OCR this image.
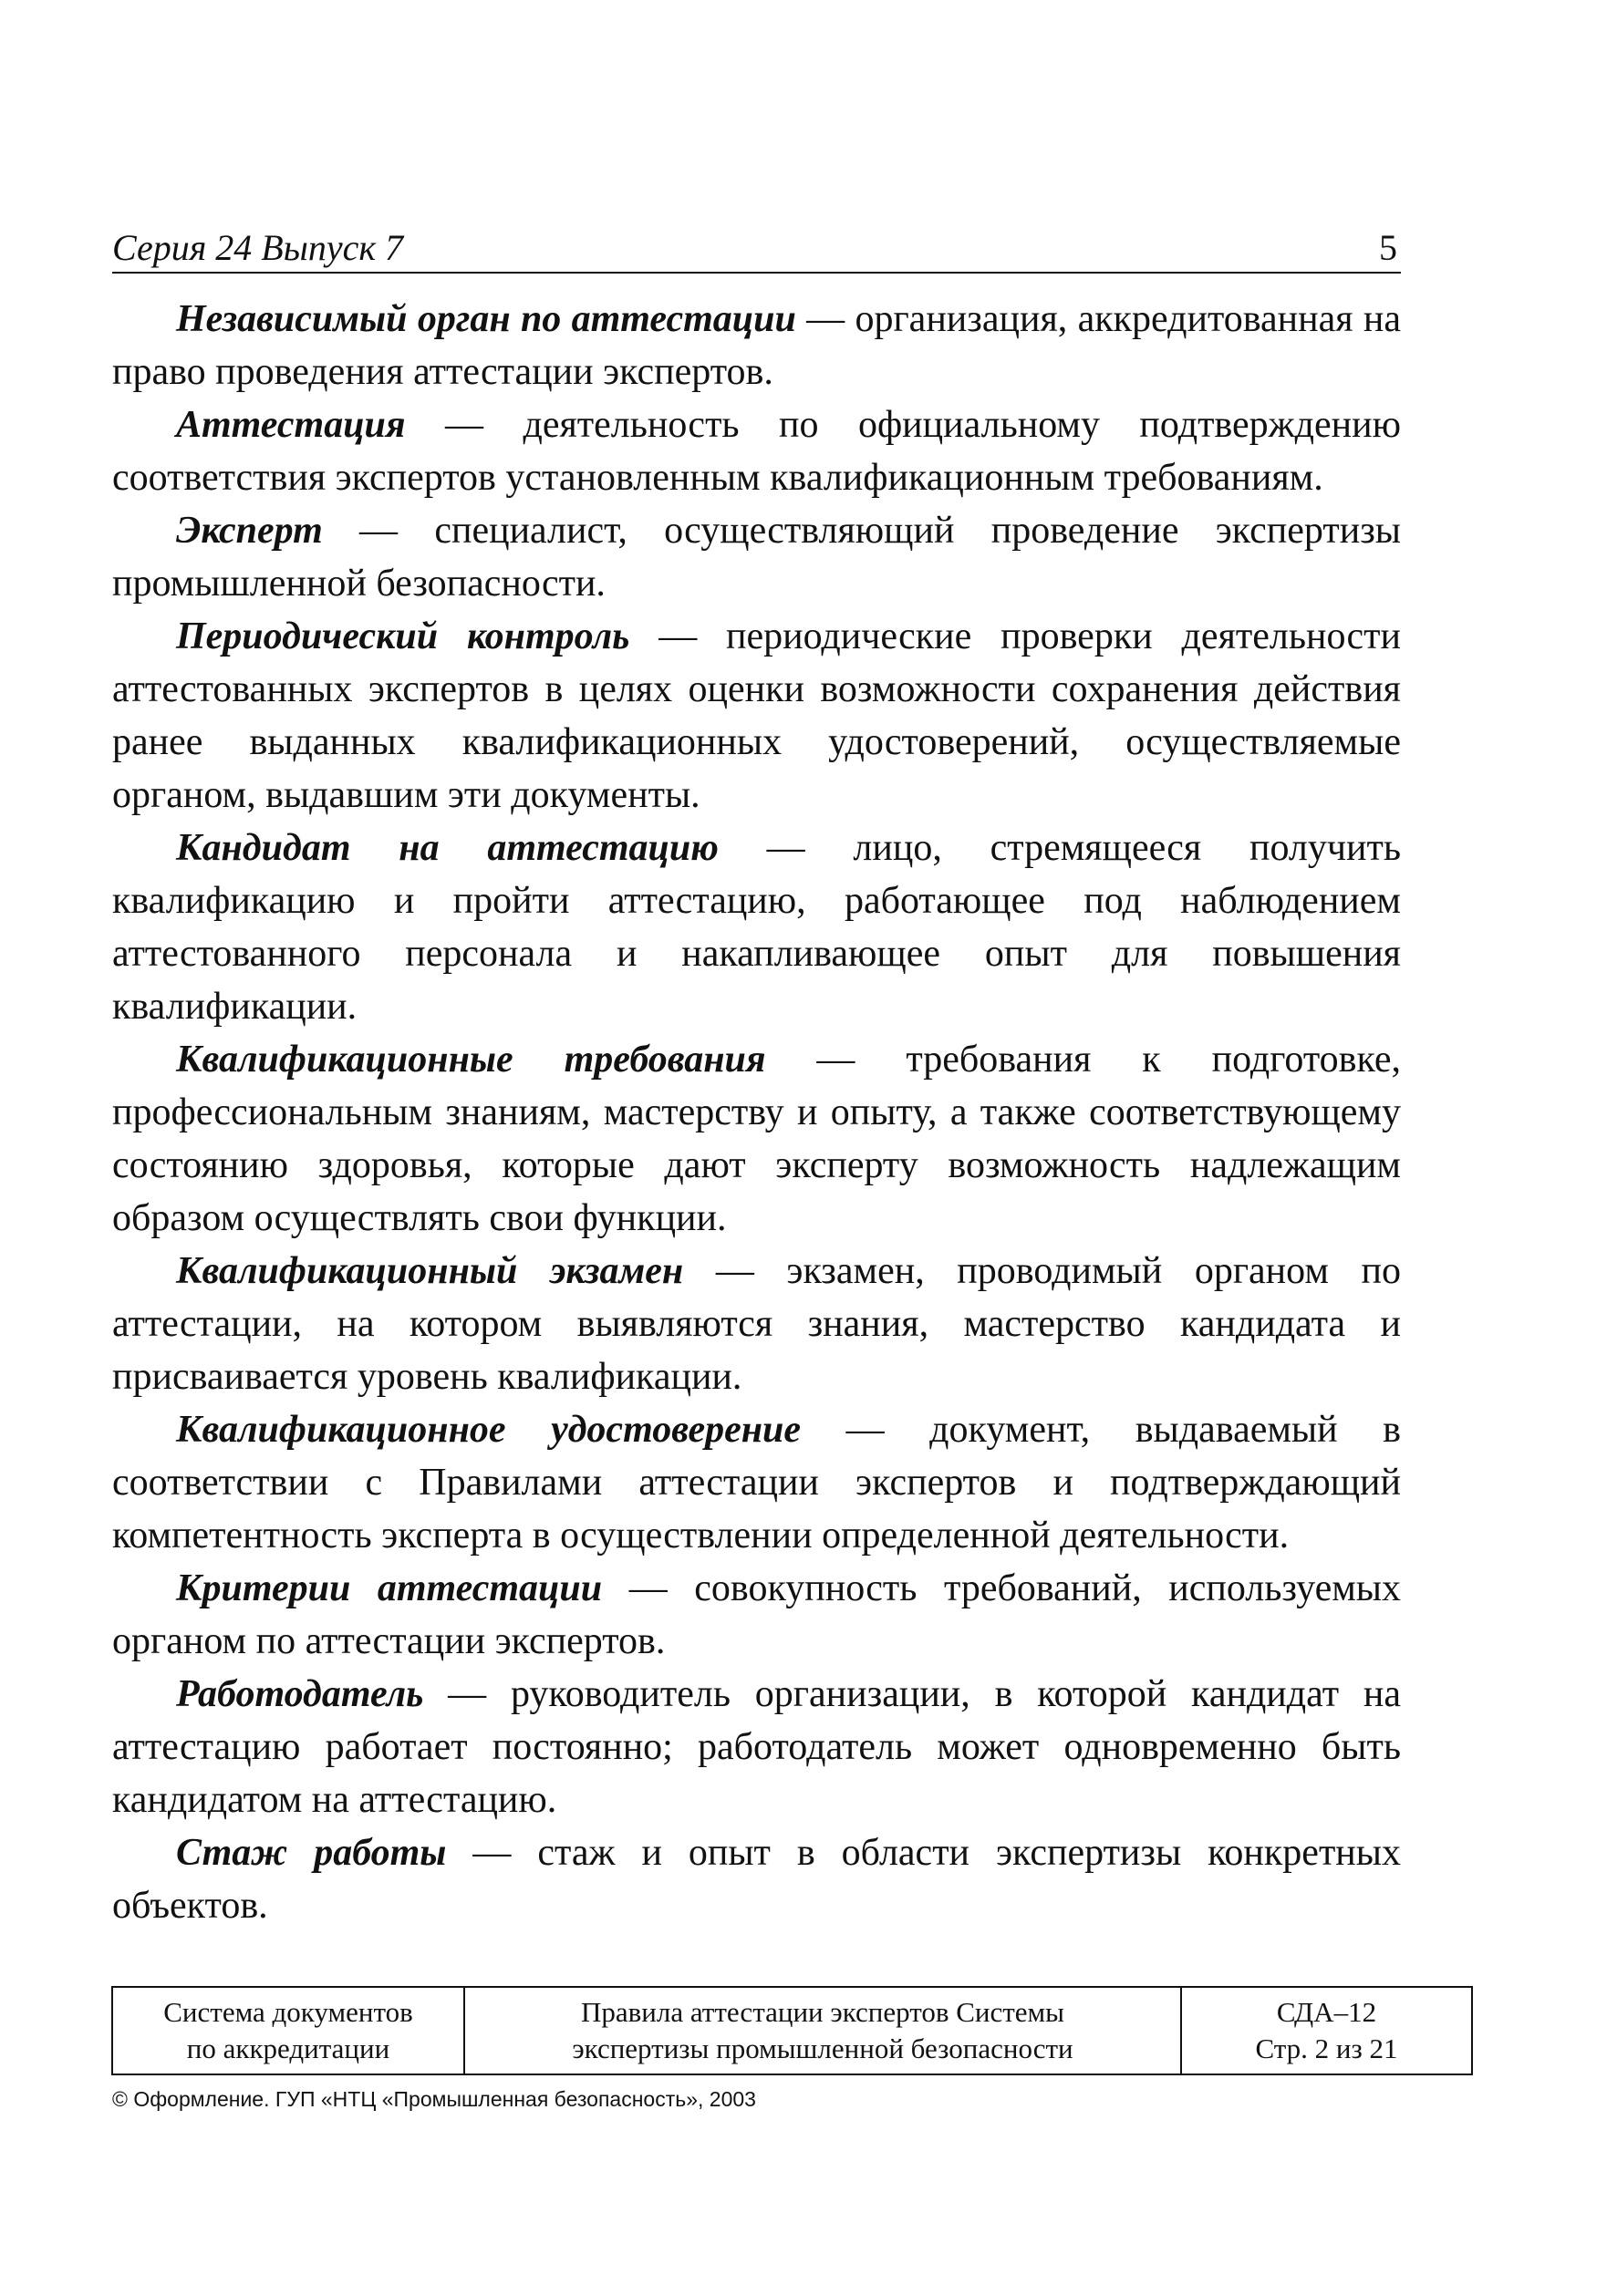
Серия 24 Выпуск 7	5

Независимый орган по аттестации — организация, аккредитованная на право проведения аттестации экспертов.

Аттестация — деятельность по официальному подтверждению соответствия экспертов установленным квалификационным требованиям.

Эксперт — специалист, осуществляющий проведение экспертизы промышленной безопасности.

Периодический контроль — периодические проверки деятельности аттестованных экспертов в целях оценки возможности сохранения действия ранее выданных квалификационных удостоверений, осуществляемые органом, выдавшим эти документы.

Кандидат на аттестацию — лицо, стремящееся получить квалификацию и пройти аттестацию, работающее под наблюдением аттестованного персонала и накапливающее опыт для повышения квалификации.

Квалификационные требования — требования к подготовке, профессиональным знаниям, мастерству и опыту, а также соответствующему состоянию здоровья, которые дают эксперту возможность надлежащим образом осуществлять свои функции.

Квалификационный экзамен — экзамен, проводимый органом по аттестации, на котором выявляются знания, мастерство кандидата и присваивается уровень квалификации.

Квалификационное удостоверение — документ, выдаваемый в соответствии с Правилами аттестации экспертов и подтверждающий компетентность эксперта в осуществлении определенной деятельности.

Критерии аттестации — совокупность требований, используемых органом по аттестации экспертов.

Работодатель — руководитель организации, в которой кандидат на аттестацию работает постоянно; работодатель может одновременно быть кандидатом на аттестацию.

Стаж работы — стаж и опыт в области экспертизы конкретных объектов.

Система документов
по аккредитации

Правила аттестации экспертов Системы
экспертизы промышленной безопасности

СДА–12
Стр. 2 из 21
© Оформление. ГУП «НТЦ «Промышленная безопасность», 2003
